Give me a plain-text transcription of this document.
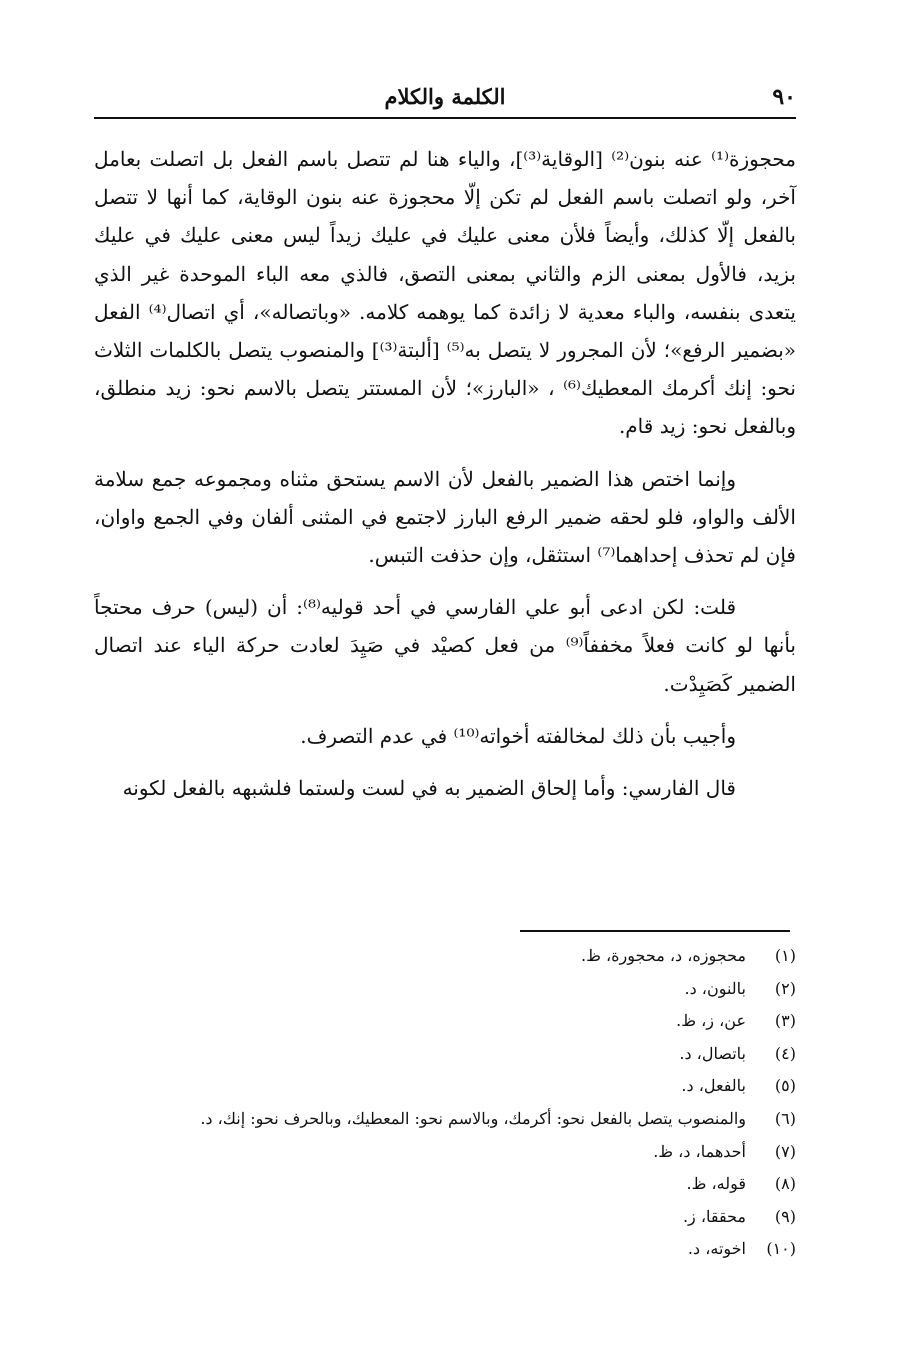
٩٠
الكلمة والكلام

محجوزة⁽¹⁾ عنه بنون⁽²⁾ [الوقاية⁽³⁾]، والياء هنا لم تتصل باسم الفعل بل اتصلت بعامل آخر، ولو اتصلت باسم الفعل لم تكن إلّا محجوزة عنه بنون الوقاية، كما أنها لا تتصل بالفعل إلّا كذلك، وأيضاً فلأن معنى عليك في عليك زيداً ليس معنى عليك في عليك بزيد، فالأول بمعنى الزم والثاني بمعنى التصق، فالذي معه الباء الموحدة غير الذي يتعدى بنفسه، والباء معدية لا زائدة كما يوهمه كلامه. «وباتصاله»، أي اتصال⁽⁴⁾ الفعل «بضمير الرفع»؛ لأن المجرور لا يتصل به⁽⁵⁾ [ألبتة⁽³⁾] والمنصوب يتصل بالكلمات الثلاث نحو: إنك أكرمك المعطيك⁽⁶⁾ ، «البارز»؛ لأن المستتر يتصل بالاسم نحو: زيد منطلق، وبالفعل نحو: زيد قام.

وإنما اختص هذا الضمير بالفعل لأن الاسم يستحق مثناه ومجموعه جمع سلامة الألف والواو، فلو لحقه ضمير الرفع البارز لاجتمع في المثنى ألفان وفي الجمع واوان، فإن لم تحذف إحداهما⁽⁷⁾ استثقل، وإن حذفت التبس.

قلت: لكن ادعى أبو علي الفارسي في أحد قوليه⁽⁸⁾: أن (ليس) حرف محتجاً بأنها لو كانت فعلاً مخففاً⁽⁹⁾ من فعل كصيْد في صَيِدَ لعادت حركة الياء عند اتصال الضمير كَصَيِدْت.

وأجيب بأن ذلك لمخالفته أخواته⁽¹⁰⁾ في عدم التصرف.

قال الفارسي: وأما إلحاق الضمير به في لست ولستما فلشبهه بالفعل لكونه

(١)محجوزه، د، محجورة، ظ.
(٢)بالنون، د.
(٣)عن، ز، ظ.
(٤)باتصال، د.
(٥)بالفعل، د.
(٦)والمنصوب يتصل بالفعل نحو: أكرمك، وبالاسم نحو: المعطيك، وبالحرف نحو: إنك، د.
(٧)أحدهما، د، ظ.
(٨)قوله، ظ.
(٩)محققا، ز.
(١٠)اخوته، د.
